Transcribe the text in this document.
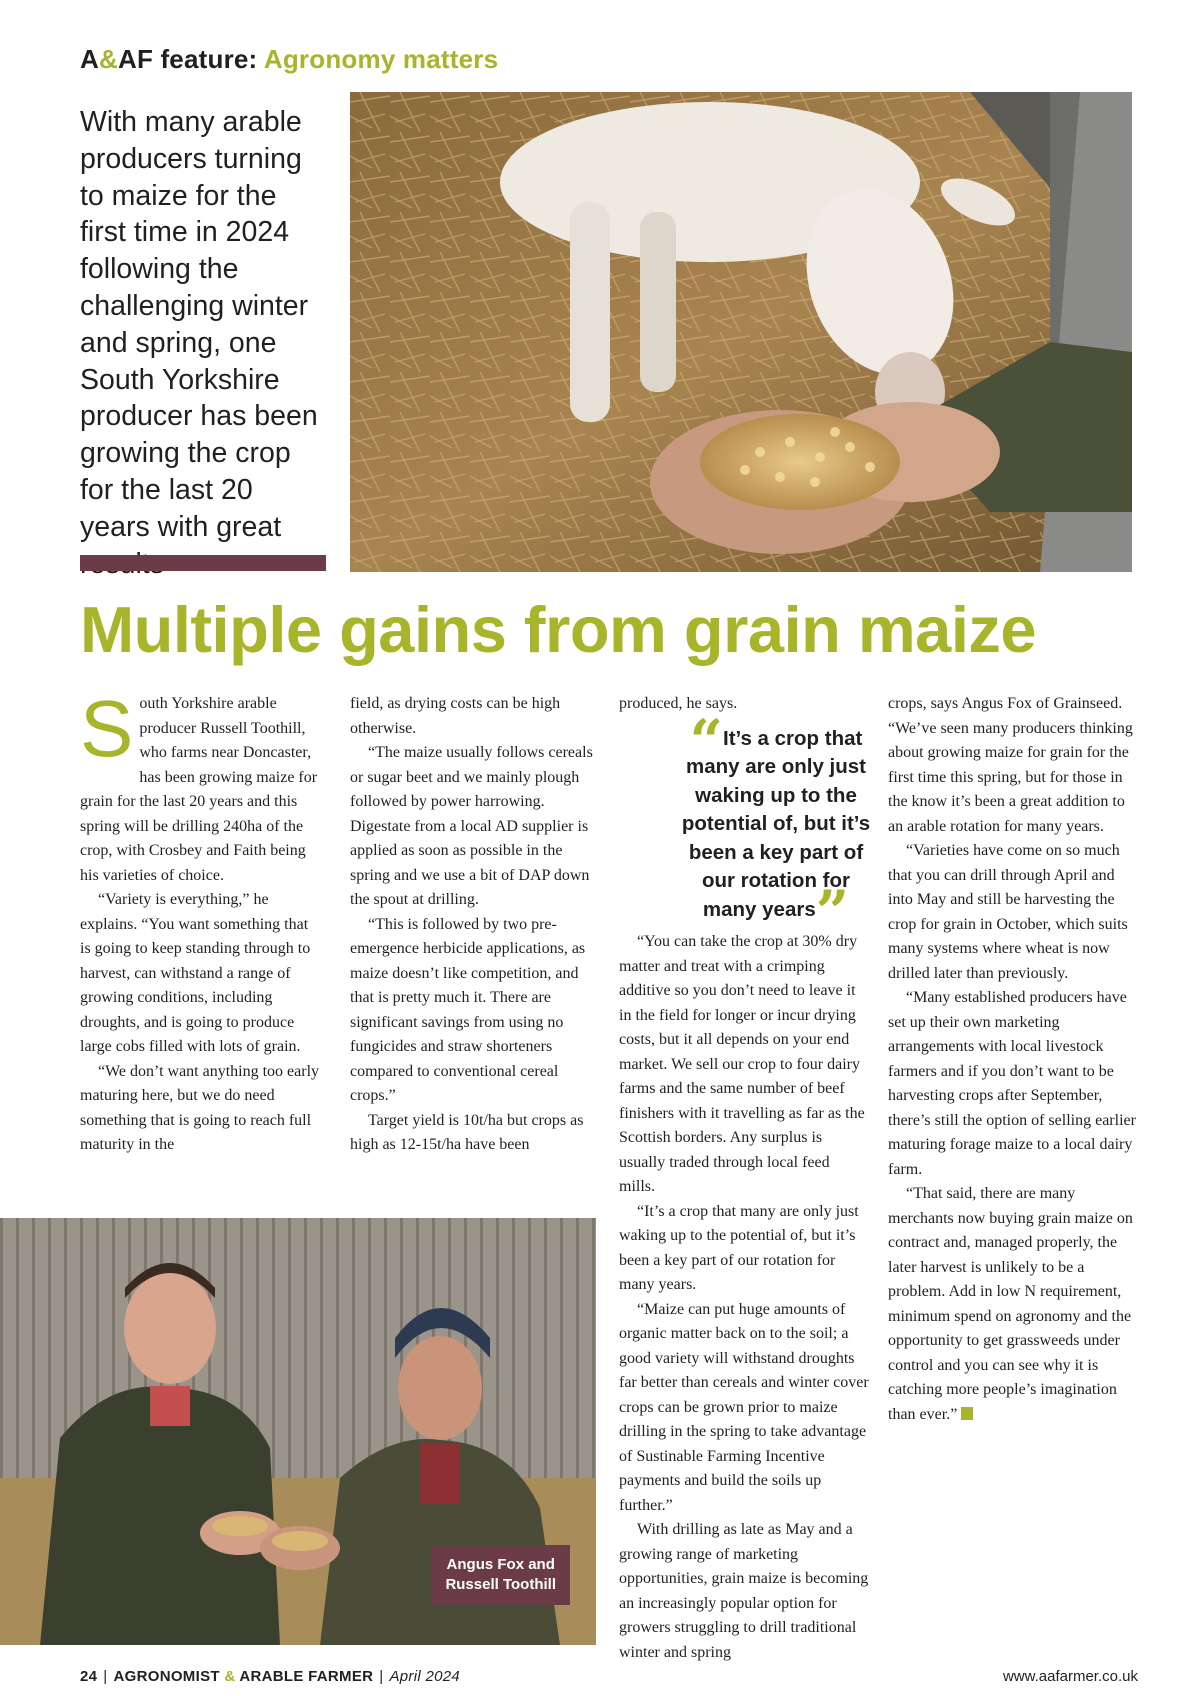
A&AF feature: Agronomy matters
With many arable producers turning to maize for the first time in 2024 following the challenging winter and spring, one South Yorkshire producer has been growing the crop for the last 20 years with great
Multiple gains from grain maize

South Yorkshire arable producer Russell Toothill, who farms near Doncaster, has been growing maize for grain for the last 20 years and this spring will be drilling 240ha of the crop, with Crosbey and Faith being his varieties of choice.

“Variety is everything,” he explains. “You want something that is going to keep standing through to harvest, can withstand a range of growing conditions, including droughts, and is going to produce large cobs filled with lots of grain.

“We don’t want anything too early maturing here, but we do need something that is going to reach full maturity in the

field, as drying costs can be high otherwise.

“The maize usually follows cereals or sugar beet and we mainly plough followed by power harrowing. Digestate from a local AD supplier is applied as soon as possible in the spring and we use a bit of DAP down the spout at drilling.

“This is followed by two pre-emergence herbicide applications, as maize doesn’t like competition, and that is pretty much it. There are significant savings from using no fungicides and straw shorteners compared to conventional cereal crops.”

Target yield is 10t/ha but crops as high as 12-15t/ha have been

produced, he says.

“It’s a crop that many are only just waking up to the potential of, but it’s been a key part of our rotation for many years”

“You can take the crop at 30% dry matter and treat with a crimping additive so you don’t need to leave it in the field for longer or incur drying costs, but it all depends on your end market. We sell our crop to four dairy farms and the same number of beef finishers with it travelling as far as the Scottish borders. Any surplus is usually traded through local feed mills.

“It’s a crop that many are only just waking up to the potential of, but it’s been a key part of our rotation for many years.

“Maize can put huge amounts of organic matter back on to the soil; a good variety will withstand droughts far better than cereals and winter cover crops can be grown prior to maize drilling in the spring to take advantage of Sustinable Farming Incentive payments and build the soils up further.”

With drilling as late as May and a growing range of marketing opportunities, grain maize is becoming an increasingly popular option for growers struggling to drill traditional winter and spring

crops, says Angus Fox of Grainseed. “We’ve seen many producers thinking about growing maize for grain for the first time this spring, but for those in the know it’s been a great addition to an arable rotation for many years.

“Varieties have come on so much that you can drill through April and into May and still be harvesting the crop for grain in October, which suits many systems where wheat is now drilled later than previously.

“Many established producers have set up their own marketing arrangements with local livestock farmers and if you don’t want to be harvesting crops after September, there’s still the option of selling earlier maturing forage maize to a local dairy farm.

“That said, there are many merchants now buying grain maize on contract and, managed properly, the later harvest is unlikely to be a problem. Add in low N requirement, minimum spend on agronomy and the opportunity to get grassweeds under control and you can see why it is catching more people’s imagination than ever.”

Angus Fox and
Russell Toothill
24 | AGRONOMIST & ARABLE FARMER | April 2024	www.aafarmer.co.uk
